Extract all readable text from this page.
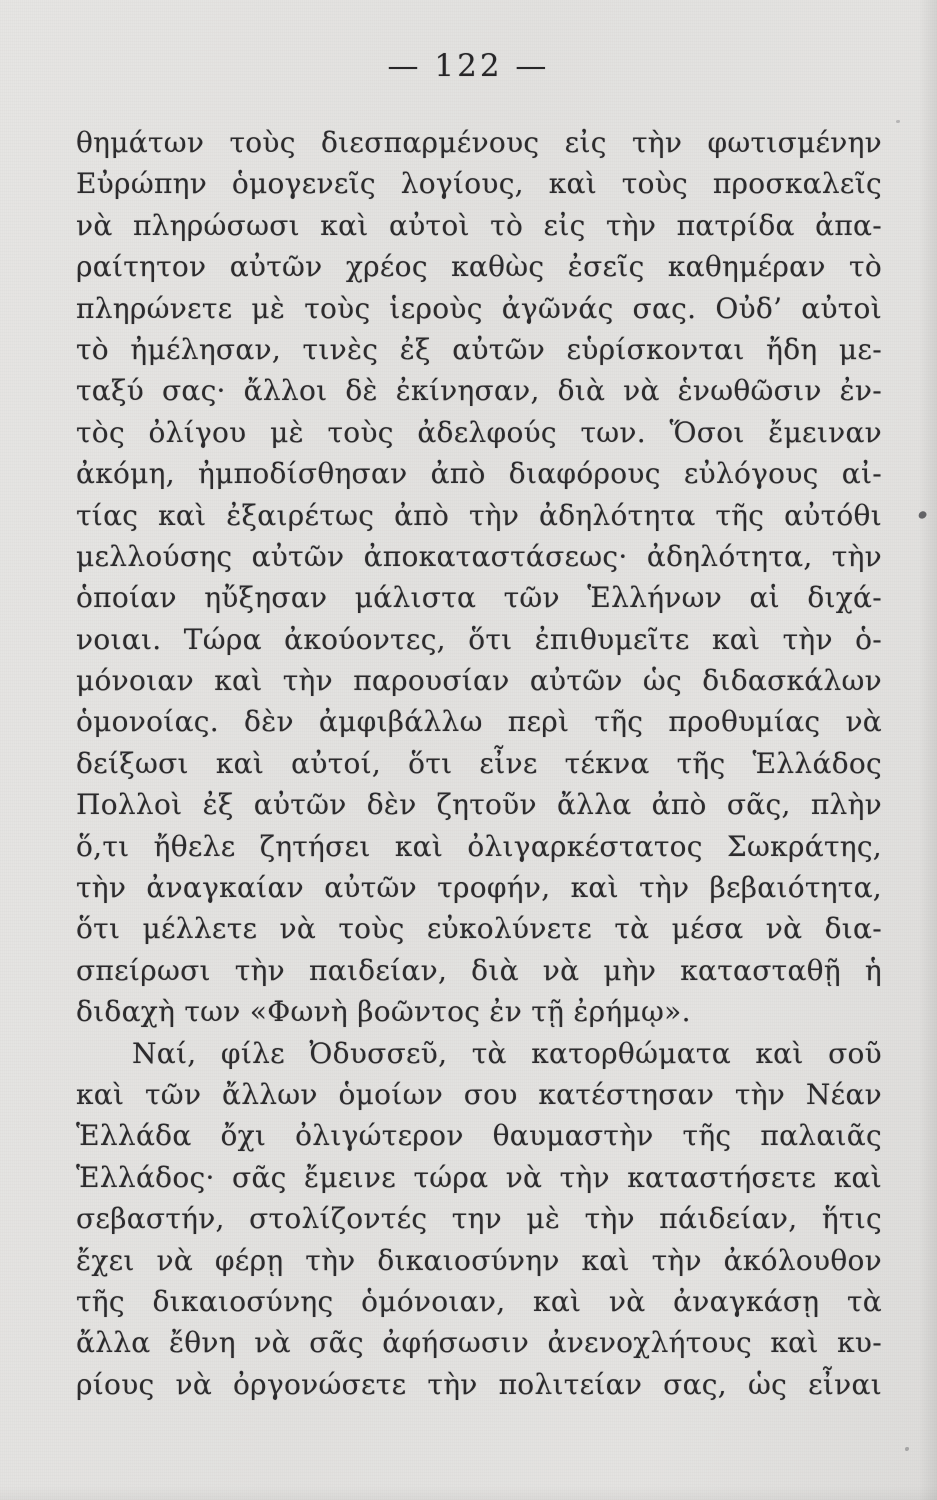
— 122 —
θημάτων τοὺς διεσπαρμένους εἰς τὴν φωτισμένην
Εὐρώπην ὁμογενεῖς λογίους, καὶ τοὺς προσκαλεῖς
νὰ πληρώσωσι καὶ αὐτοὶ τὸ εἰς τὴν πατρίδα ἀπα-
ραίτητον αὐτῶν χρέος καθὼς ἐσεῖς καθημέραν τὸ
πληρώνετε μὲ τοὺς ἱεροὺς ἀγῶνάς σας. Οὐδ’ αὐτοὶ
τὸ ἠμέλησαν, τινὲς ἐξ αὐτῶν εὑρίσκονται ἤδη με-
ταξύ σας· ἄλλοι δὲ ἐκίνησαν, διὰ νὰ ἑνωθῶσιν ἐν-
τὸς ὀλίγου μὲ τοὺς ἀδελφούς των. Ὅσοι ἔμειναν
ἀκόμη, ἠμποδίσθησαν ἀπὸ διαφόρους εὐλόγους αἰ-
τίας καὶ ἐξαιρέτως ἀπὸ τὴν ἀδηλότητα τῆς αὐτόθι
μελλούσης αὐτῶν ἀποκαταστάσεως· ἀδηλότητα, τὴν
ὁποίαν ηὔξησαν μάλιστα τῶν Ἑλλήνων αἱ διχά-
νοιαι. Τώρα ἀκούοντες, ὅτι ἐπιθυμεῖτε καὶ τὴν ὁ-
μόνοιαν καὶ τὴν παρουσίαν αὐτῶν ὡς διδασκάλων
ὁμονοίας. δὲν ἀμφιβάλλω περὶ τῆς προθυμίας νὰ
δείξωσι καὶ αὐτοί, ὅτι εἶνε τέκνα τῆς Ἑλλάδος
Πολλοὶ ἐξ αὐτῶν δὲν ζητοῦν ἄλλα ἀπὸ σᾶς, πλὴν
ὅ,τι ἤθελε ζητήσει καὶ ὀλιγαρκέστατος Σωκράτης,
τὴν ἀναγκαίαν αὐτῶν τροφήν, καὶ τὴν βεβαιότητα,
ὅτι μέλλετε νὰ τοὺς εὐκολύνετε τὰ μέσα νὰ δια-
σπείρωσι τὴν παιδείαν, διὰ νὰ μὴν κατασταθῇ ἡ
διδαχὴ των «Φωνὴ βοῶντος ἐν τῇ ἐρήμῳ».
Ναί, φίλε Ὀδυσσεῦ, τὰ κατορθώματα καὶ σοῦ
καὶ τῶν ἄλλων ὁμοίων σου κατέστησαν τὴν Νέαν
Ἑλλάδα ὄχι ὀλιγώτερον θαυμαστὴν τῆς παλαιᾶς
Ἑλλάδος· σᾶς ἔμεινε τώρα νὰ τὴν καταστήσετε καὶ
σεβαστήν, στολίζοντές την μὲ τὴν πάιδείαν, ἥτις
ἔχει νὰ φέρῃ τὴν δικαιοσύνην καὶ τὴν ἀκόλουθον
τῆς δικαιοσύνης ὁμόνοιαν, καὶ νὰ ἀναγκάσῃ τὰ
ἄλλα ἔθνη νὰ σᾶς ἀφήσωσιν ἀνενοχλήτους καὶ κυ-
ρίους νὰ ὀργονώσετε τὴν πολιτείαν σας, ὡς εἶναι
